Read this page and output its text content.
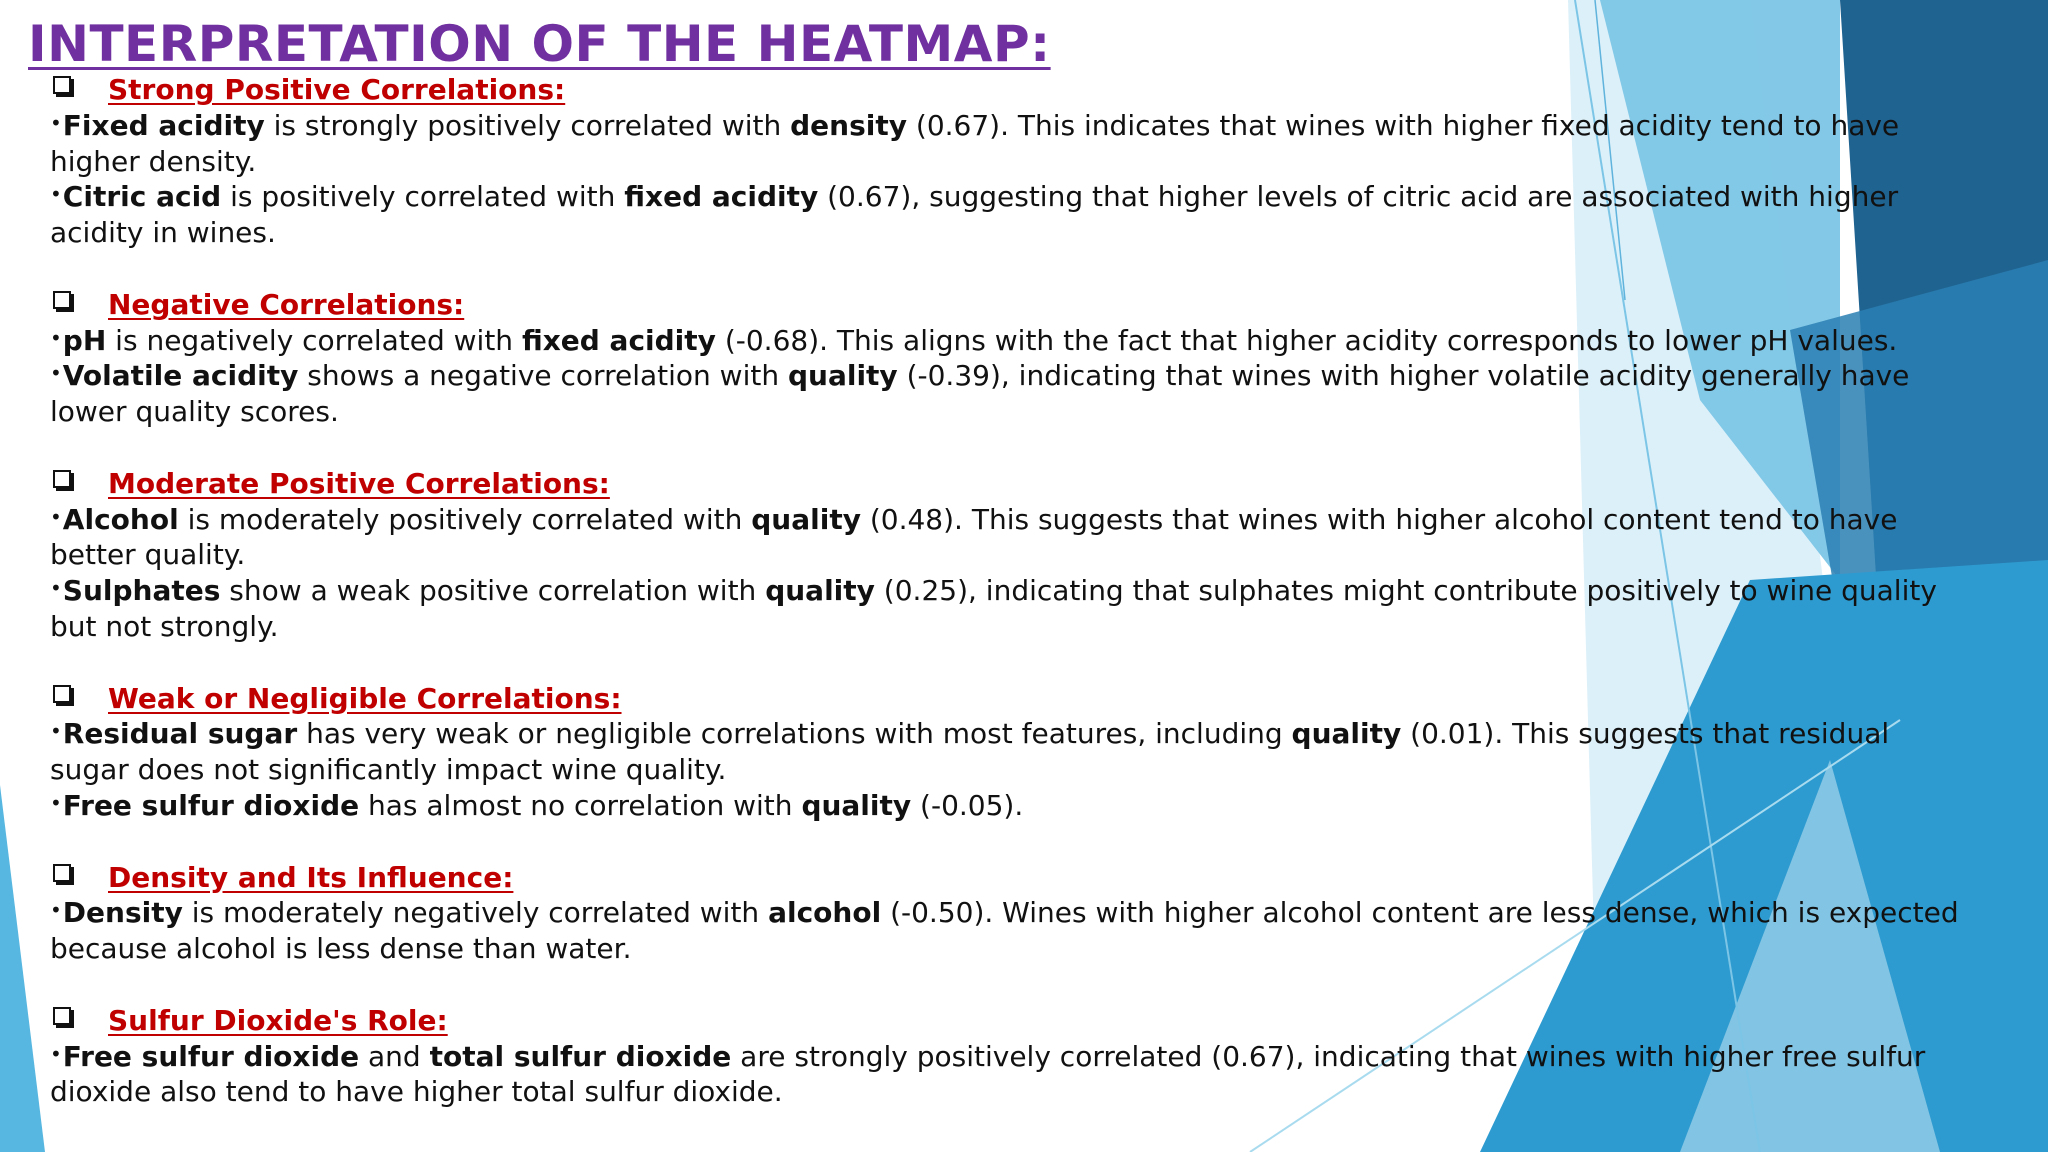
INTERPRETATION OF THE HEATMAP:
Strong Positive Correlations:

•Fixed acidity is strongly positively correlated with density (0.67). This indicates that wines with higher fixed acidity tend to have higher density.

•Citric acid is positively correlated with fixed acidity (0.67), suggesting that higher levels of citric acid are associated with higher acidity in wines.

Negative Correlations:

•pH is negatively correlated with fixed acidity (-0.68). This aligns with the fact that higher acidity corresponds to lower pH values.

•Volatile acidity shows a negative correlation with quality (-0.39), indicating that wines with higher volatile acidity generally have lower quality scores.

Moderate Positive Correlations:

•Alcohol is moderately positively correlated with quality (0.48). This suggests that wines with higher alcohol content tend to have better quality.

•Sulphates show a weak positive correlation with quality (0.25), indicating that sulphates might contribute positively to wine quality but not strongly.

Weak or Negligible Correlations:

•Residual sugar has very weak or negligible correlations with most features, including quality (0.01). This suggests that residual sugar does not significantly impact wine quality.

•Free sulfur dioxide has almost no correlation with quality (-0.05).

Density and Its Influence:

•Density is moderately negatively correlated with alcohol (-0.50). Wines with higher alcohol content are less dense, which is expected because alcohol is less dense than water.

Sulfur Dioxide's Role:

•Free sulfur dioxide and total sulfur dioxide are strongly positively correlated (0.67), indicating that wines with higher free sulfur dioxide also tend to have higher total sulfur dioxide.
